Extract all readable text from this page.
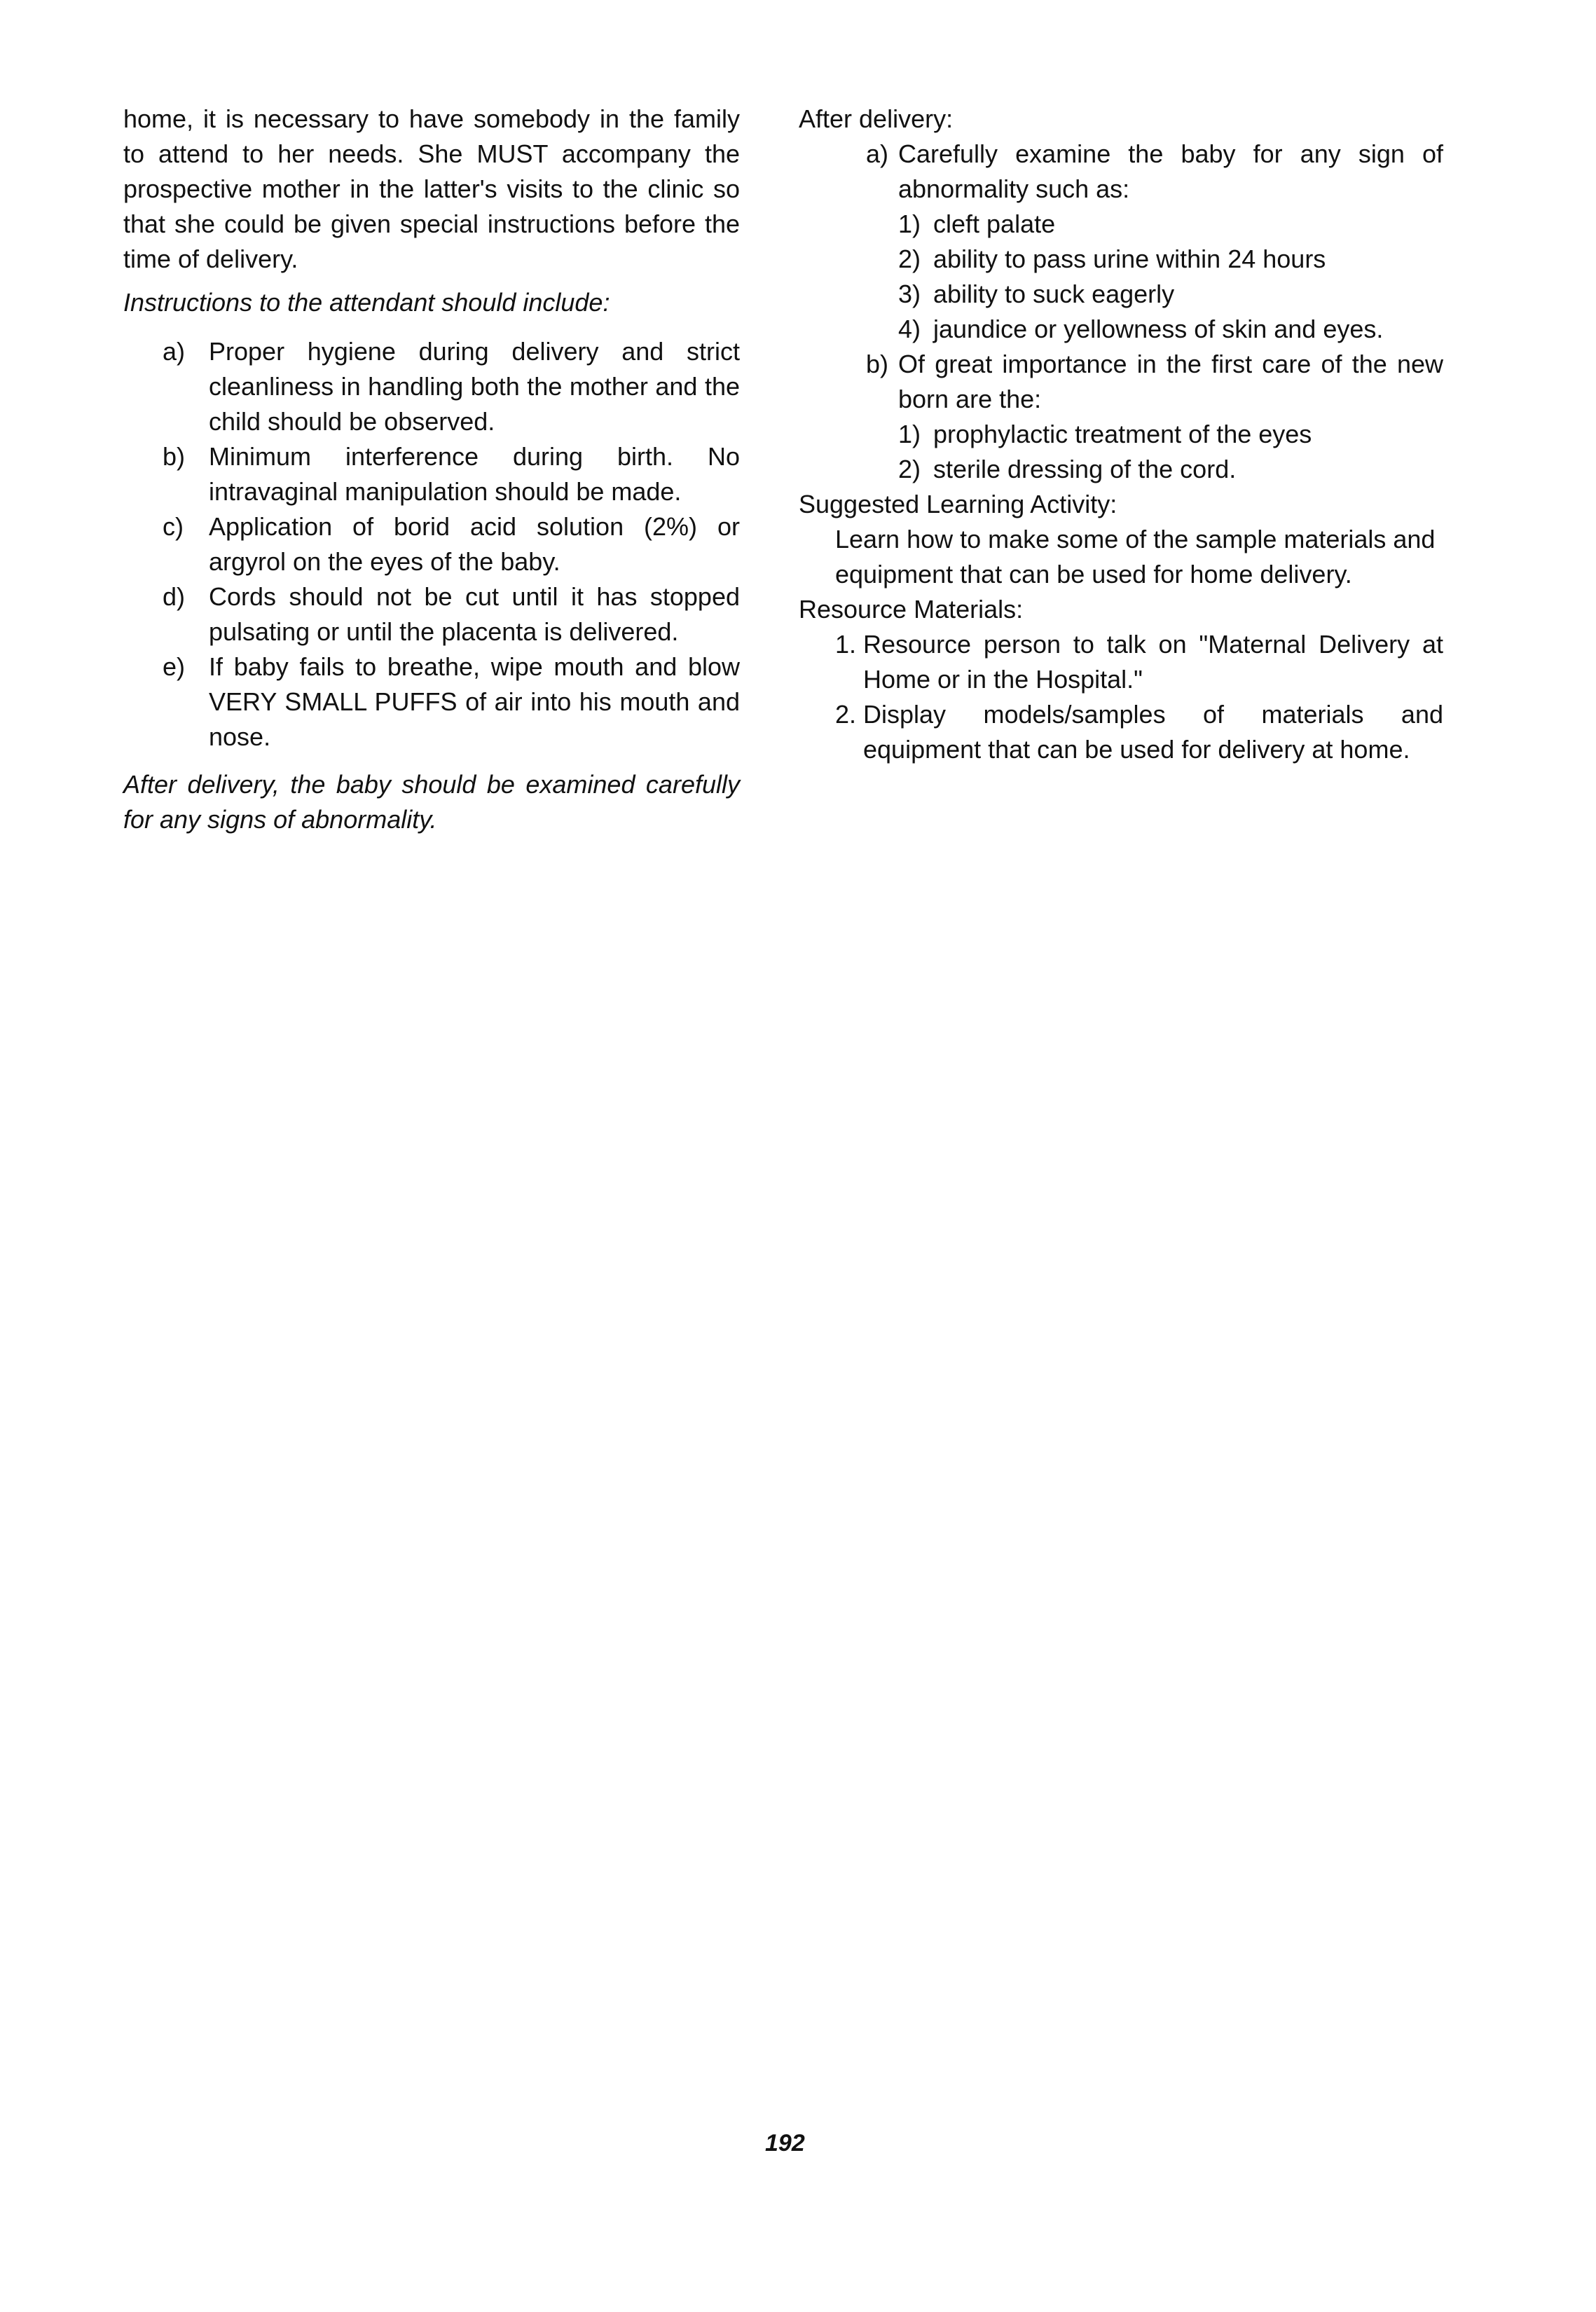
home, it is necessary to have somebody in the family to attend to her needs. She MUST accompany the prospective mother in the latter's visits to the clinic so that she could be given special instructions before the time of delivery.

Instructions to the attendant should include:

a) Proper hygiene during delivery and strict cleanliness in handling both the mother and the child should be observed.
b) Minimum interference during birth. No intravaginal manipulation should be made.
c) Application of borid acid solution (2%) or argyrol on the eyes of the baby.
d) Cords should not be cut until it has stopped pulsating or until the placenta is delivered.
e) If baby fails to breathe, wipe mouth and blow VERY SMALL PUFFS of air into his mouth and nose.

After delivery, the baby should be examined carefully for any signs of abnormality.

After delivery:

a) Carefully examine the baby for any sign of abnormality such as:
1) cleft palate
2) ability to pass urine within 24 hours
3) ability to suck eagerly
4) jaundice or yellowness of skin and eyes.
b) Of great importance in the first care of the new born are the:
1) prophylactic treatment of the eyes
2) sterile dressing of the cord.

Suggested Learning Activity:

Learn how to make some of the sample materials and equipment that can be used for home delivery.

Resource Materials:

1. Resource person to talk on "Maternal Delivery at Home or in the Hospital."
2. Display models/samples of materials and equipment that can be used for delivery at home.
192
